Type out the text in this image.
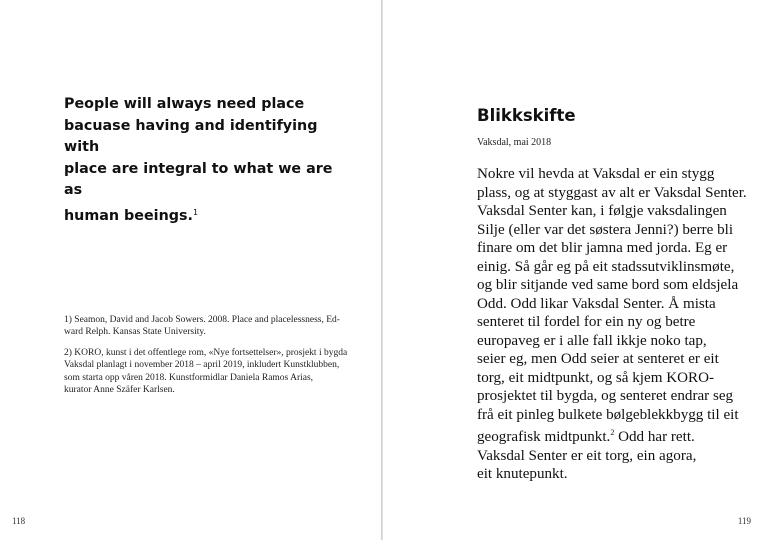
People will always need place
bacuase having and identifying with
place are integral to what we are as
human beeings.$^1$

1) Seamon, David and Jacob Sowers. 2008. Place and placelessness, Ed-
ward Relph. Kansas State University.

2) KORO, kunst i det offentlege rom, «Nye fortsettelser», prosjekt i bygda
Vaksdal planlagt i november 2018 – april 2019, inkludert Kunstklubben,
som starta opp våren 2018. Kunstformidlar Daniela Ramos Arias,
kurator Anne Szäfer Karlsen.

118
Blikkskifte
Vaksdal, mai 2018
Nokre vil hevda at Vaksdal er ein stygg
plass, og at styggast av alt er Vaksdal Senter.
Vaksdal Senter kan, i følgje vaksdalingen
Silje (eller var det søstera Jenni?) berre bli
finare om det blir jamna med jorda. Eg er
einig. Så går eg på eit stadssutviklinsmøte,
og blir sitjande ved same bord som eldsjela
Odd. Odd likar Vaksdal Senter. Å mista
senteret til fordel for ein ny og betre
europaveg er i alle fall ikkje noko tap,
seier eg, men Odd seier at senteret er eit
torg, eit midtpunkt, og så kjem KORO-
prosjektet til bygda, og senteret endrar seg
frå eit pinleg bulkete bølgeblekkbygg til eit
geografisk midtpunkt.$^2$ Odd har rett.
Vaksdal Senter er eit torg, ein agora,
eit knutepunkt.
119
